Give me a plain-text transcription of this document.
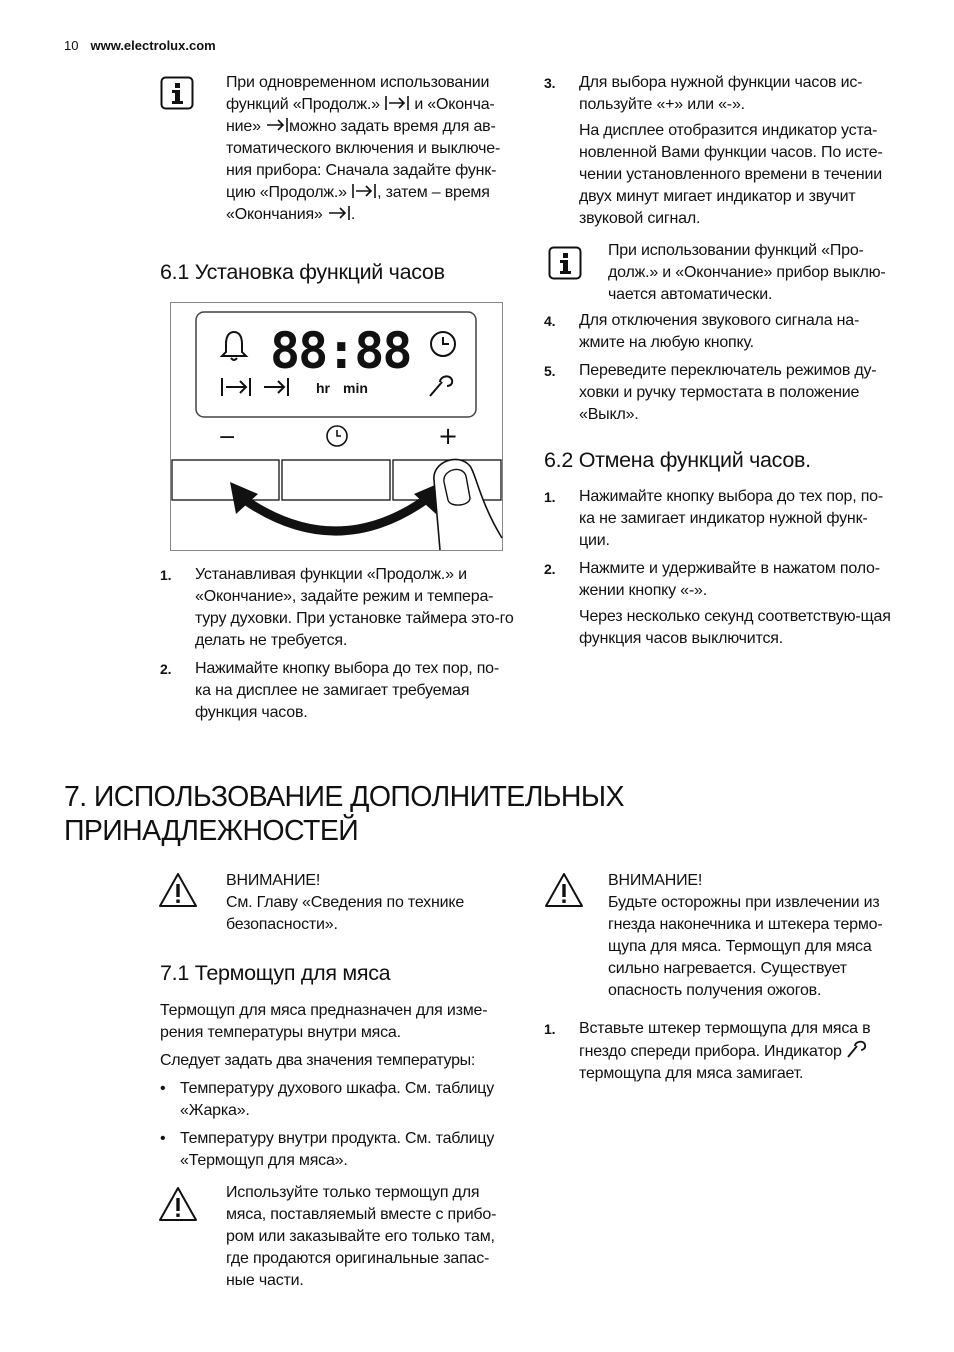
10 www.electrolux.com
При одновременном использовании
функций «Продолж.» и «Оконча-
ние» можно задать время для ав-
томатического включения и выключе-
ния прибора: Сначала задайте функ-
цию «Продолж.» , затем – время
«Окончания» .
6.1 Установка функций часов
88:88
hr min
−	+
1. Устанавливая функции «Продолж.» и «Окончание», задайте режим и темпера-туру духовки. При установке таймера это-го делать не требуется.
2. Нажимайте кнопку выбора до тех пор, по-ка на дисплее не замигает требуемая функция часов.
3. Для выбора нужной функции часов ис-пользуйте «+» или «-».
На дисплее отобразится индикатор уста-новленной Вами функции часов. По исте-чении установленного времени в течении двух минут мигает индикатор и звучит звуковой сигнал.
При использовании функций «Про-долж.» и «Окончание» прибор выклю-чается автоматически.
4. Для отключения звукового сигнала на-жмите на любую кнопку.
5. Переведите переключатель режимов ду-ховки и ручку термостата в положение «Выкл».
6.2 Отмена функций часов.
1. Нажимайте кнопку выбора до тех пор, по-ка не замигает индикатор нужной функ-ции.
2. Нажмите и удерживайте в нажатом поло-жении кнопку «-».
Через несколько секунд соответствую-щая функция часов выключится.
7. ИСПОЛЬЗОВАНИЕ ДОПОЛНИТЕЛЬНЫХ
ПРИНАДЛЕЖНОСТЕЙ
ВНИМАНИЕ!
См. Главу «Сведения по технике безопасности».
ВНИМАНИЕ!
Будьте осторожны при извлечении из гнезда наконечника и штекера термо-щупа для мяса. Термощуп для мяса сильно нагревается. Существует опасность получения ожогов.
7.1 Термощуп для мяса
Термощуп для мяса предназначен для изме-рения температуры внутри мяса.
Следует задать два значения температуры:
• Температуру духового шкафа. См. таблицу «Жарка».
• Температуру внутри продукта. См. таблицу «Термощуп для мяса».
Используйте только термощуп для мяса, поставляемый вместе с прибо-ром или заказывайте его только там, где продаются оригинальные запас-ные части.
1. Вставьте штекер термощупа для мяса в гнездо спереди прибора. Индикатор  термощупа для мяса замигает.
